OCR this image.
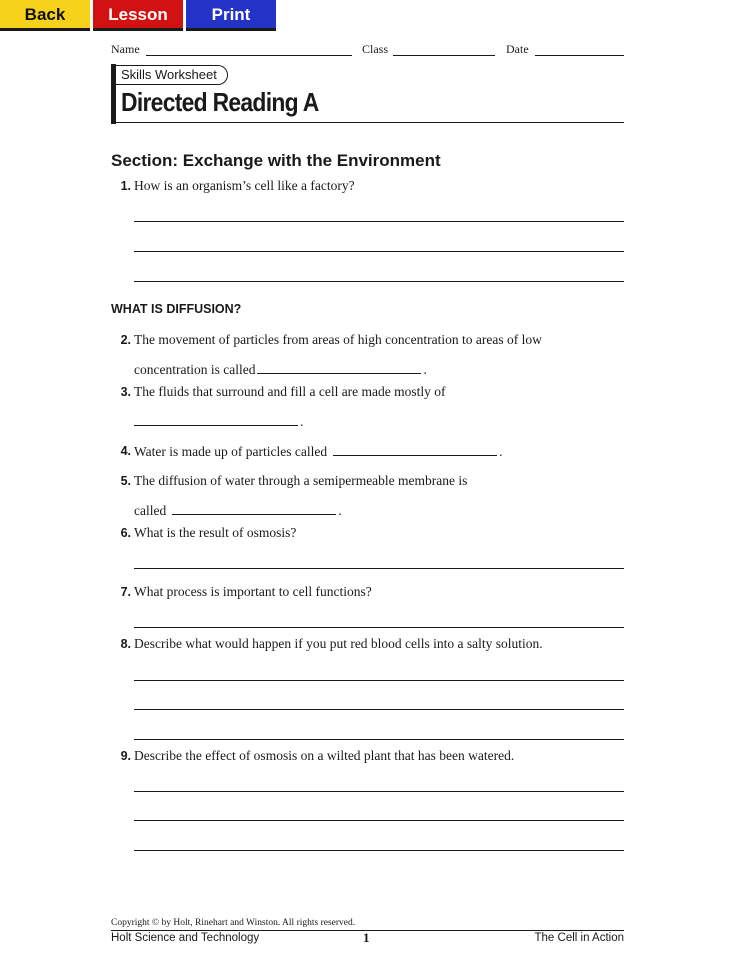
Back	Lesson	Print
Name	Class	Date
Skills Worksheet
Directed Reading A
Section: Exchange with the Environment
1. How is an organism’s cell like a factory?
WHAT IS DIFFUSION?
2. The movement of particles from areas of high concentration to areas of low
concentration is called	.
3. The fluids that surround and fill a cell are made mostly of
.
4. Water is made up of particles called	.
5. The diffusion of water through a semipermeable membrane is
called	.
6. What is the result of osmosis?
7. What process is important to cell functions?
8. Describe what would happen if you put red blood cells into a salty solution.
9. Describe the effect of osmosis on a wilted plant that has been watered.
Copyright © by Holt, Rinehart and Winston. All rights reserved.
Holt Science and Technology	1	The Cell in Action
